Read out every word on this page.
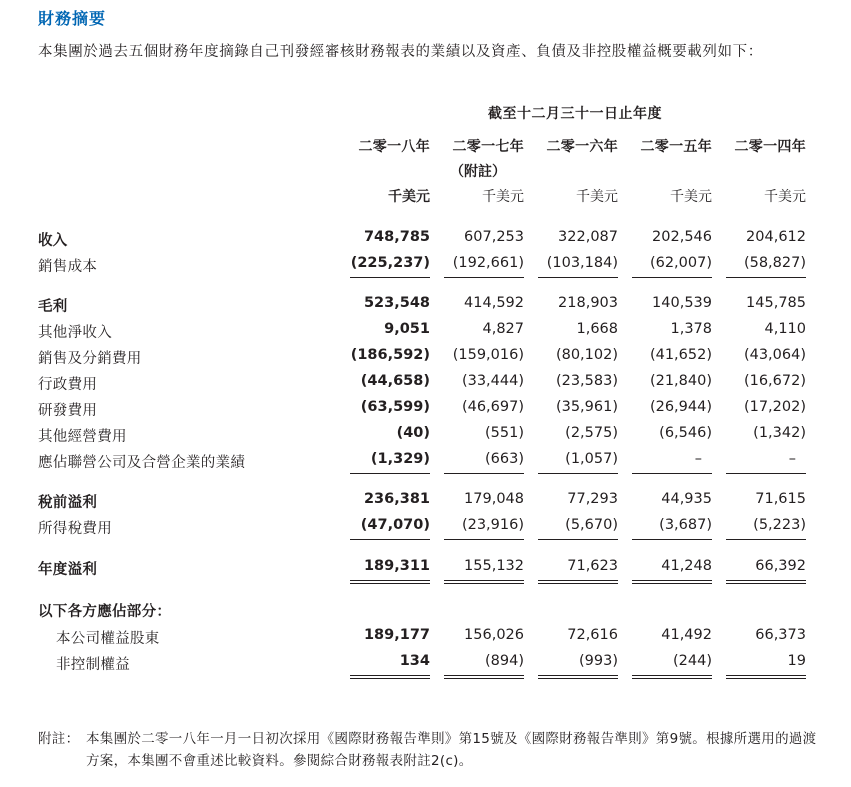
財務摘要
本集團於過去五個財務年度摘錄自己刊發經審核財務報表的業績以及資產、負債及非控股權益概要載列如下：
截至十二月三十一日止年度
二零一八年	二零一七年	二零一六年	二零一五年	二零一四年
（附註）
千美元	千美元	千美元	千美元	千美元
收入	748,785	607,253	322,087	202,546	204,612
銷售成本	(225,237)	(192,661)	(103,184)	(62,007)	(58,827)
毛利	523,548	414,592	218,903	140,539	145,785
其他淨收入	9,051	4,827	1,668	1,378	4,110
銷售及分銷費用	(186,592)	(159,016)	(80,102)	(41,652)	(43,064)
行政費用	(44,658)	(33,444)	(23,583)	(21,840)	(16,672)
研發費用	(63,599)	(46,697)	(35,961)	(26,944)	(17,202)
其他經營費用	(40)	(551)	(2,575)	(6,546)	(1,342)
應佔聯營公司及合營企業的業績	(1,329)	(663)	(1,057)	–	–
稅前溢利	236,381	179,048	77,293	44,935	71,615
所得稅費用	(47,070)	(23,916)	(5,670)	(3,687)	(5,223)
年度溢利	189,311	155,132	71,623	41,248	66,392
以下各方應佔部分：
本公司權益股東	189,177	156,026	72,616	41,492	66,373
非控制權益	134	(894)	(993)	(244)	19
附註： 本集團於二零一八年一月一日初次採用《國際財務報告準則》第15號及《國際財務報告準則》第9號。根據所選用的過渡方案，本集團不會重述比較資料。參閱綜合財務報表附註2(c)。
